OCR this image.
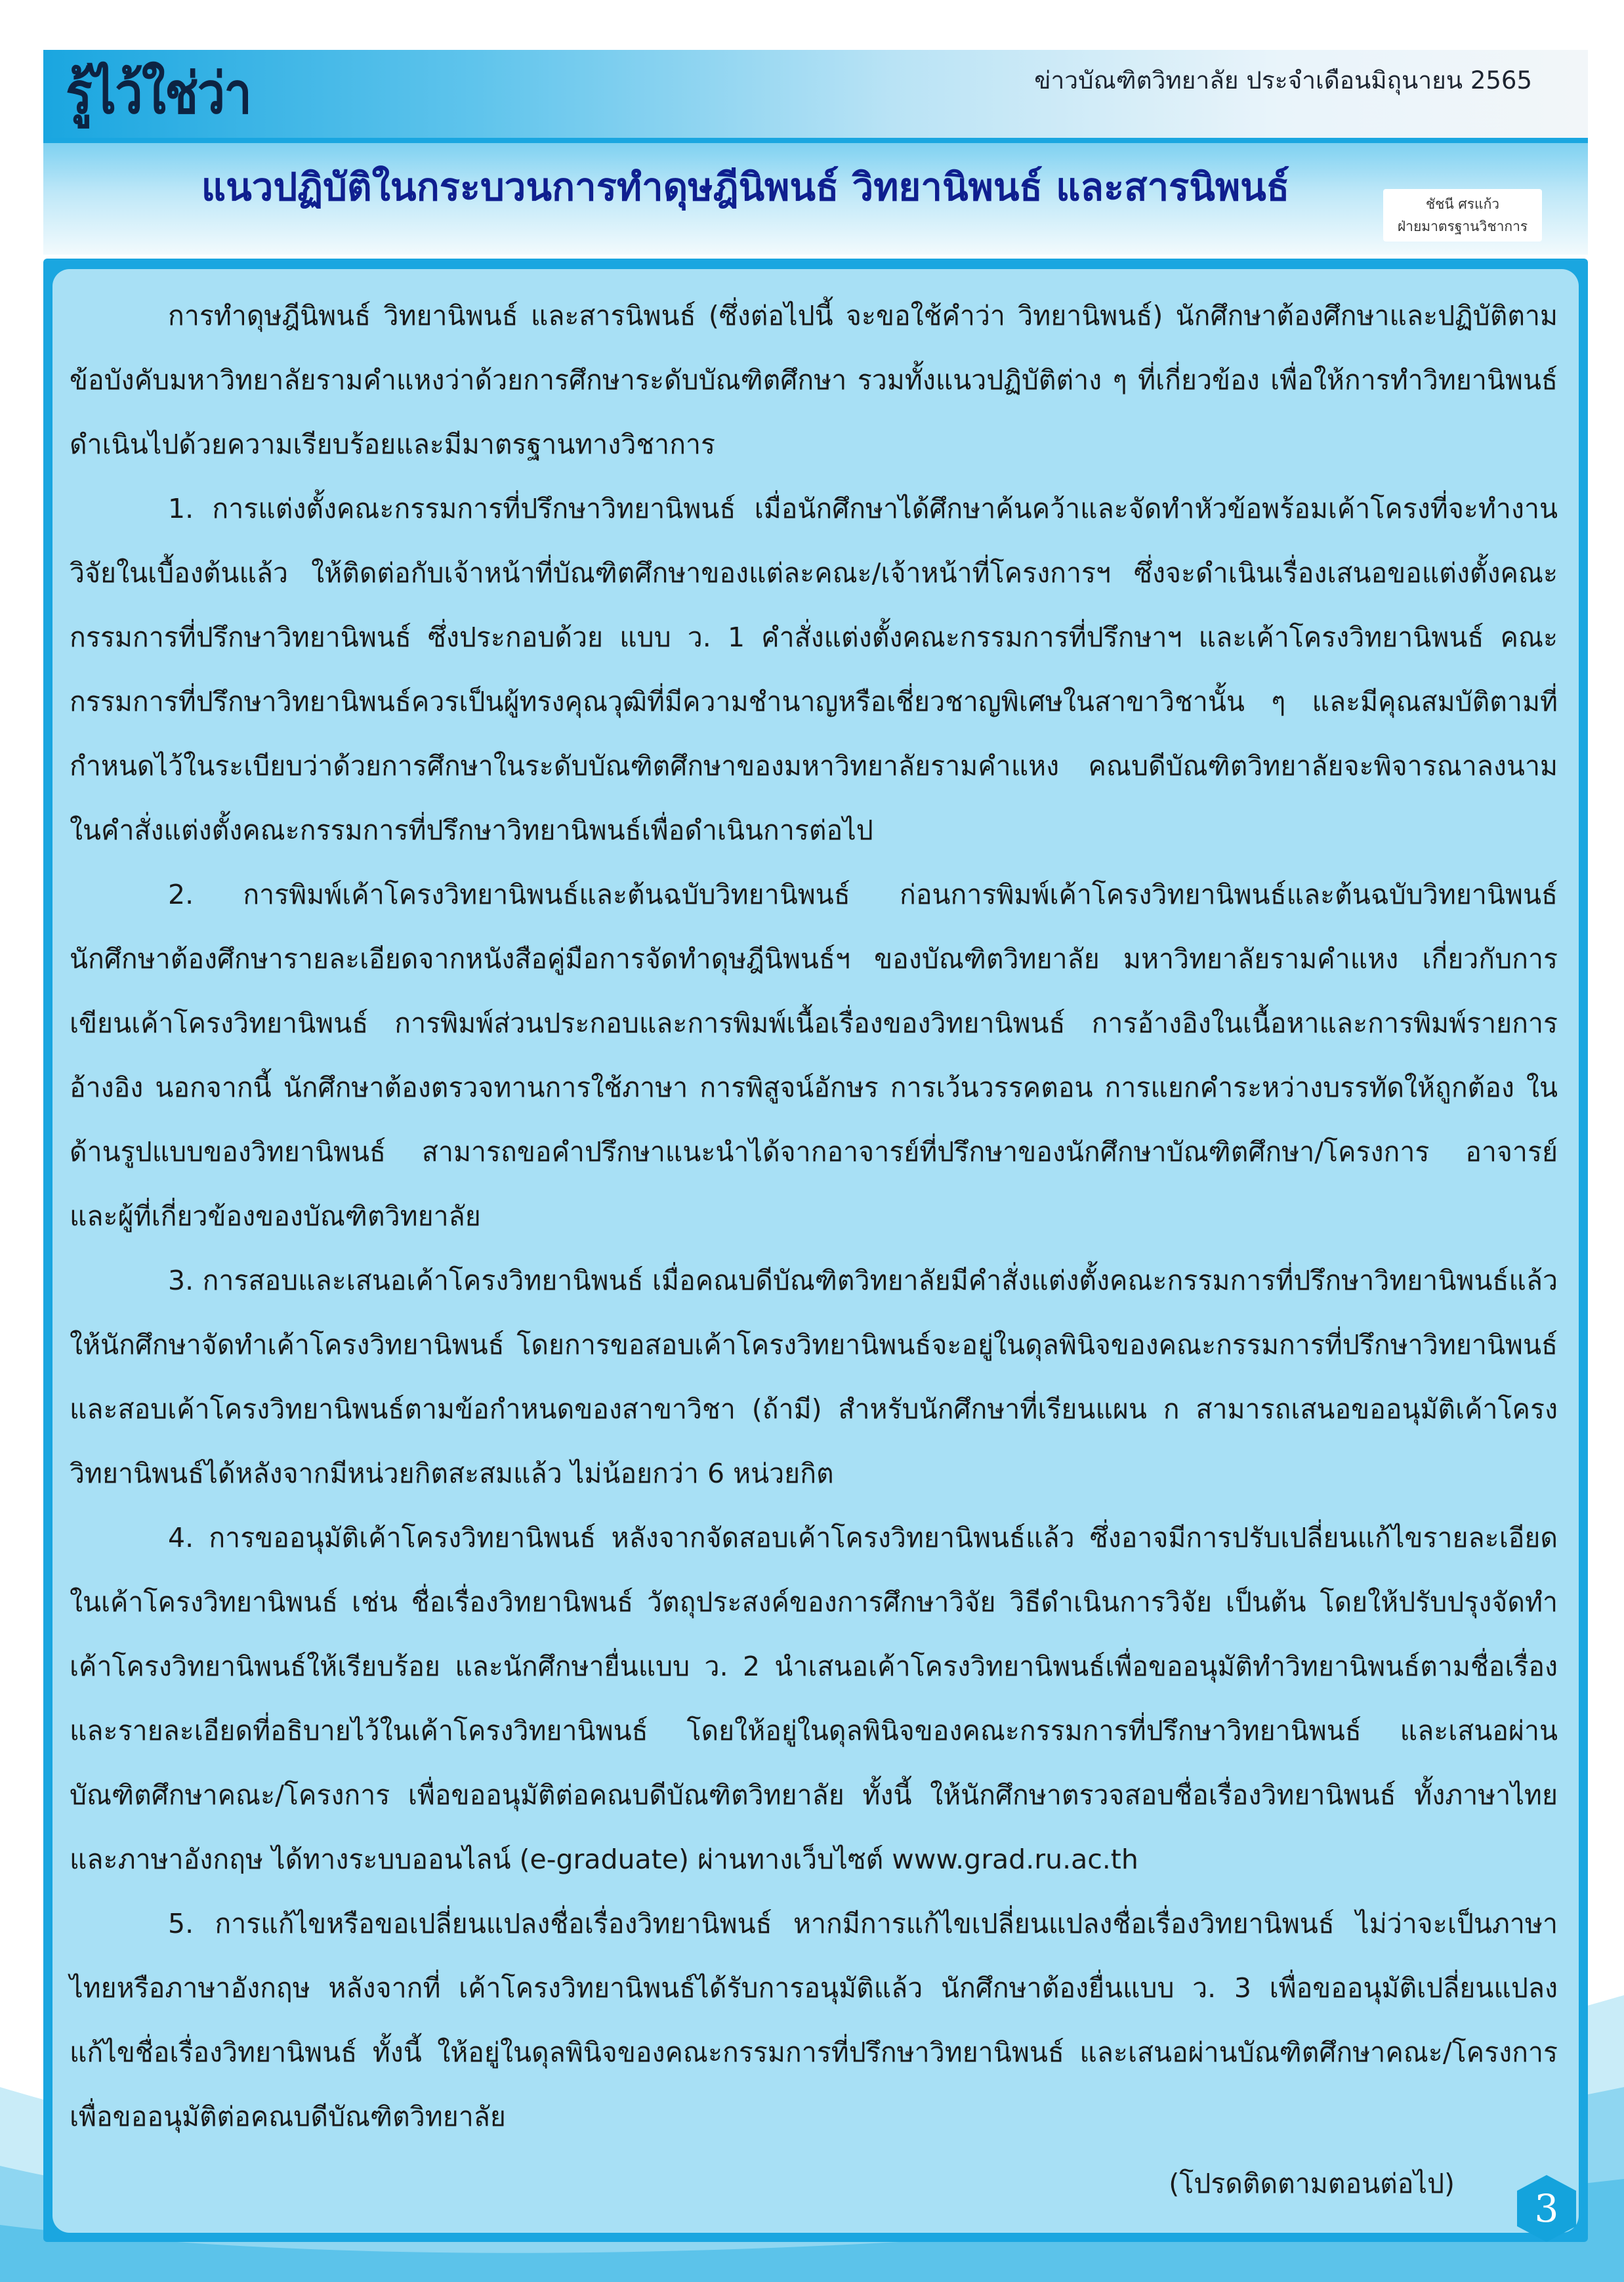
รู้ไว้ใช่ว่า	ข่าวบัณฑิตวิทยาลัย ประจำเดือนมิถุนายน 2565
แนวปฏิบัติในกระบวนการทำดุษฎีนิพนธ์ วิทยานิพนธ์ และสารนิพนธ์	ชัชนี ศรแก้ว
ฝ่ายมาตรฐานวิชาการ

การทำดุษฎีนิพนธ์ วิทยานิพนธ์ และสารนิพนธ์ (ซึ่งต่อไปนี้ จะขอใช้คำว่า วิทยานิพนธ์) นักศึกษาต้องศึกษาและปฏิบัติตามข้อบังคับมหาวิทยาลัยรามคำแหงว่าด้วยการศึกษาระดับบัณฑิตศึกษา รวมทั้งแนวปฏิบัติต่าง ๆ ที่เกี่ยวข้อง เพื่อให้การทำวิทยานิพนธ์ดำเนินไปด้วยความเรียบร้อยและมีมาตรฐานทางวิชาการ

1. การแต่งตั้งคณะกรรมการที่ปรึกษาวิทยานิพนธ์ เมื่อนักศึกษาได้ศึกษาค้นคว้าและจัดทำหัวข้อพร้อมเค้าโครงที่จะทำงานวิจัยในเบื้องต้นแล้ว ให้ติดต่อกับเจ้าหน้าที่บัณฑิตศึกษาของแต่ละคณะ/เจ้าหน้าที่โครงการฯ ซึ่งจะดำเนินเรื่องเสนอขอแต่งตั้งคณะกรรมการที่ปรึกษาวิทยานิพนธ์ ซึ่งประกอบด้วย แบบ ว. 1 คำสั่งแต่งตั้งคณะกรรมการที่ปรึกษาฯ และเค้าโครงวิทยานิพนธ์ คณะกรรมการที่ปรึกษาวิทยานิพนธ์ควรเป็นผู้ทรงคุณวุฒิที่มีความชำนาญหรือเชี่ยวชาญพิเศษในสาขาวิชานั้น ๆ และมีคุณสมบัติตามที่กำหนดไว้ในระเบียบว่าด้วยการศึกษาในระดับบัณฑิตศึกษาของมหาวิทยาลัยรามคำแหง คณบดีบัณฑิตวิทยาลัยจะพิจารณาลงนามในคำสั่งแต่งตั้งคณะกรรมการที่ปรึกษาวิทยานิพนธ์เพื่อดำเนินการต่อไป

2. การพิมพ์เค้าโครงวิทยานิพนธ์และต้นฉบับวิทยานิพนธ์ ก่อนการพิมพ์เค้าโครงวิทยานิพนธ์และต้นฉบับวิทยานิพนธ์นักศึกษาต้องศึกษารายละเอียดจากหนังสือคู่มือการจัดทำดุษฎีนิพนธ์ฯ ของบัณฑิตวิทยาลัย มหาวิทยาลัยรามคำแหง เกี่ยวกับการเขียนเค้าโครงวิทยานิพนธ์ การพิมพ์ส่วนประกอบและการพิมพ์เนื้อเรื่องของวิทยานิพนธ์ การอ้างอิงในเนื้อหาและการพิมพ์รายการอ้างอิง นอกจากนี้ นักศึกษาต้องตรวจทานการใช้ภาษา การพิสูจน์อักษร การเว้นวรรคตอน การแยกคำระหว่างบรรทัดให้ถูกต้อง ในด้านรูปแบบของวิทยานิพนธ์ สามารถขอคำปรึกษาแนะนำได้จากอาจารย์ที่ปรึกษาของนักศึกษาบัณฑิตศึกษา/โครงการ อาจารย์ และผู้ที่เกี่ยวข้องของบัณฑิตวิทยาลัย

3. การสอบและเสนอเค้าโครงวิทยานิพนธ์ เมื่อคณบดีบัณฑิตวิทยาลัยมีคำสั่งแต่งตั้งคณะกรรมการที่ปรึกษาวิทยานิพนธ์แล้ว ให้นักศึกษาจัดทำเค้าโครงวิทยานิพนธ์ โดยการขอสอบเค้าโครงวิทยานิพนธ์จะอยู่ในดุลพินิจของคณะกรรมการที่ปรึกษาวิทยานิพนธ์ และสอบเค้าโครงวิทยานิพนธ์ตามข้อกำหนดของสาขาวิชา (ถ้ามี) สำหรับนักศึกษาที่เรียนแผน ก สามารถเสนอขออนุมัติเค้าโครงวิทยานิพนธ์ได้หลังจากมีหน่วยกิตสะสมแล้ว ไม่น้อยกว่า 6 หน่วยกิต

4. การขออนุมัติเค้าโครงวิทยานิพนธ์ หลังจากจัดสอบเค้าโครงวิทยานิพนธ์แล้ว ซึ่งอาจมีการปรับเปลี่ยนแก้ไขรายละเอียดในเค้าโครงวิทยานิพนธ์ เช่น ชื่อเรื่องวิทยานิพนธ์ วัตถุประสงค์ของการศึกษาวิจัย วิธีดำเนินการวิจัย เป็นต้น โดยให้ปรับปรุงจัดทำเค้าโครงวิทยานิพนธ์ให้เรียบร้อย และนักศึกษายื่นแบบ ว. 2 นำเสนอเค้าโครงวิทยานิพนธ์เพื่อขออนุมัติทำวิทยานิพนธ์ตามชื่อเรื่องและรายละเอียดที่อธิบายไว้ในเค้าโครงวิทยานิพนธ์ โดยให้อยู่ในดุลพินิจของคณะกรรมการที่ปรึกษาวิทยานิพนธ์ และเสนอผ่านบัณฑิตศึกษาคณะ/โครงการ เพื่อขออนุมัติต่อคณบดีบัณฑิตวิทยาลัย ทั้งนี้ ให้นักศึกษาตรวจสอบชื่อเรื่องวิทยานิพนธ์ ทั้งภาษาไทยและภาษาอังกฤษ ได้ทางระบบออนไลน์ (e-graduate) ผ่านทางเว็บไซต์ www.grad.ru.ac.th

5. การแก้ไขหรือขอเปลี่ยนแปลงชื่อเรื่องวิทยานิพนธ์ หากมีการแก้ไขเปลี่ยนแปลงชื่อเรื่องวิทยานิพนธ์ ไม่ว่าจะเป็นภาษาไทยหรือภาษาอังกฤษ หลังจากที่ เค้าโครงวิทยานิพนธ์ได้รับการอนุมัติแล้ว นักศึกษาต้องยื่นแบบ ว. 3 เพื่อขออนุมัติเปลี่ยนแปลงแก้ไขชื่อเรื่องวิทยานิพนธ์ ทั้งนี้ ให้อยู่ในดุลพินิจของคณะกรรมการที่ปรึกษาวิทยานิพนธ์ และเสนอผ่านบัณฑิตศึกษาคณะ/โครงการ เพื่อขออนุมัติต่อคณบดีบัณฑิตวิทยาลัย

(โปรดติดตามตอนต่อไป)
3
